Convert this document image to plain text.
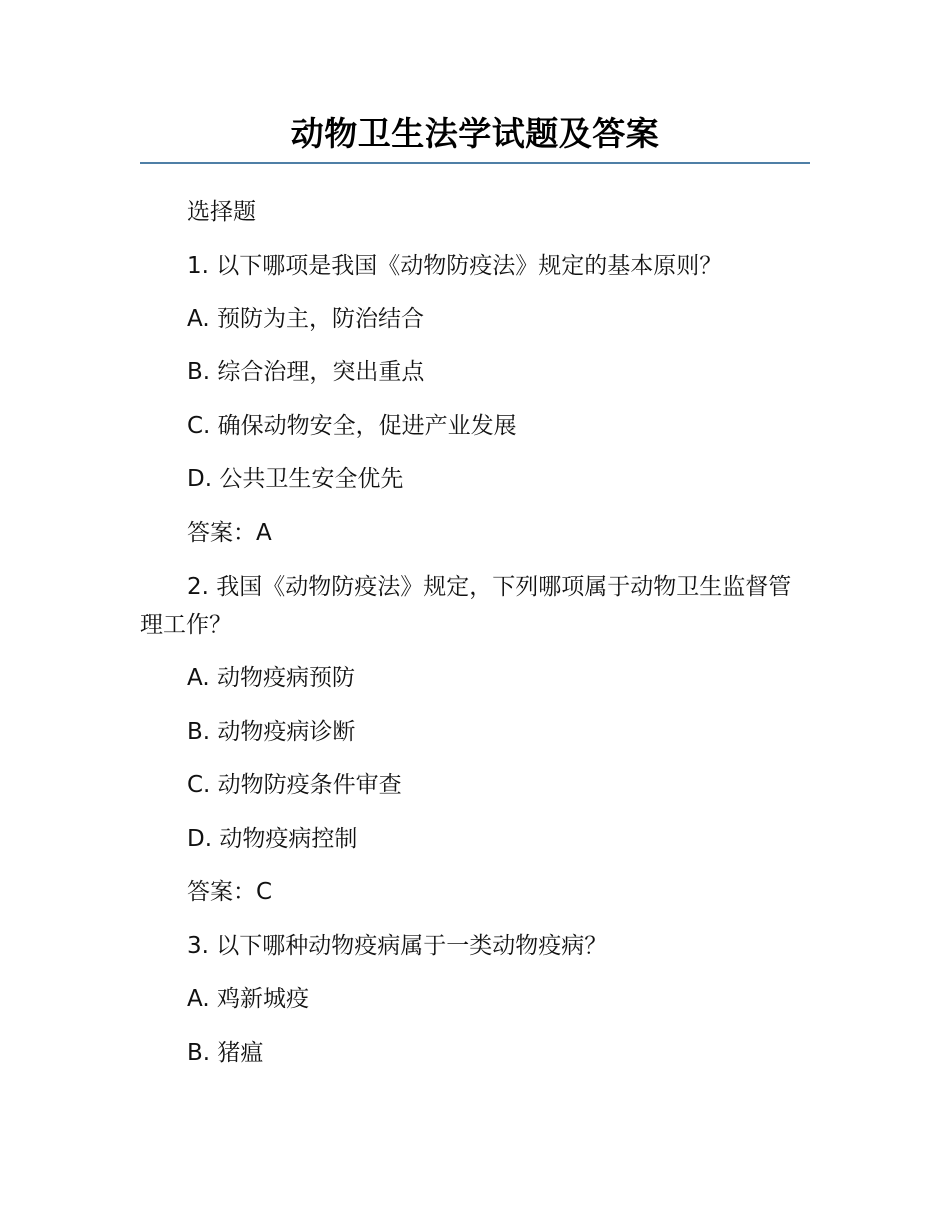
动物卫生法学试题及答案
选择题
1. 以下哪项是我国《动物防疫法》规定的基本原则？
A. 预防为主，防治结合
B. 综合治理，突出重点
C. 确保动物安全，促进产业发展
D. 公共卫生安全优先
答案：A
2. 我国《动物防疫法》规定，下列哪项属于动物卫生监督管理工作？
A. 动物疫病预防
B. 动物疫病诊断
C. 动物防疫条件审查
D. 动物疫病控制
答案：C
3. 以下哪种动物疫病属于一类动物疫病？
A. 鸡新城疫
B. 猪瘟
